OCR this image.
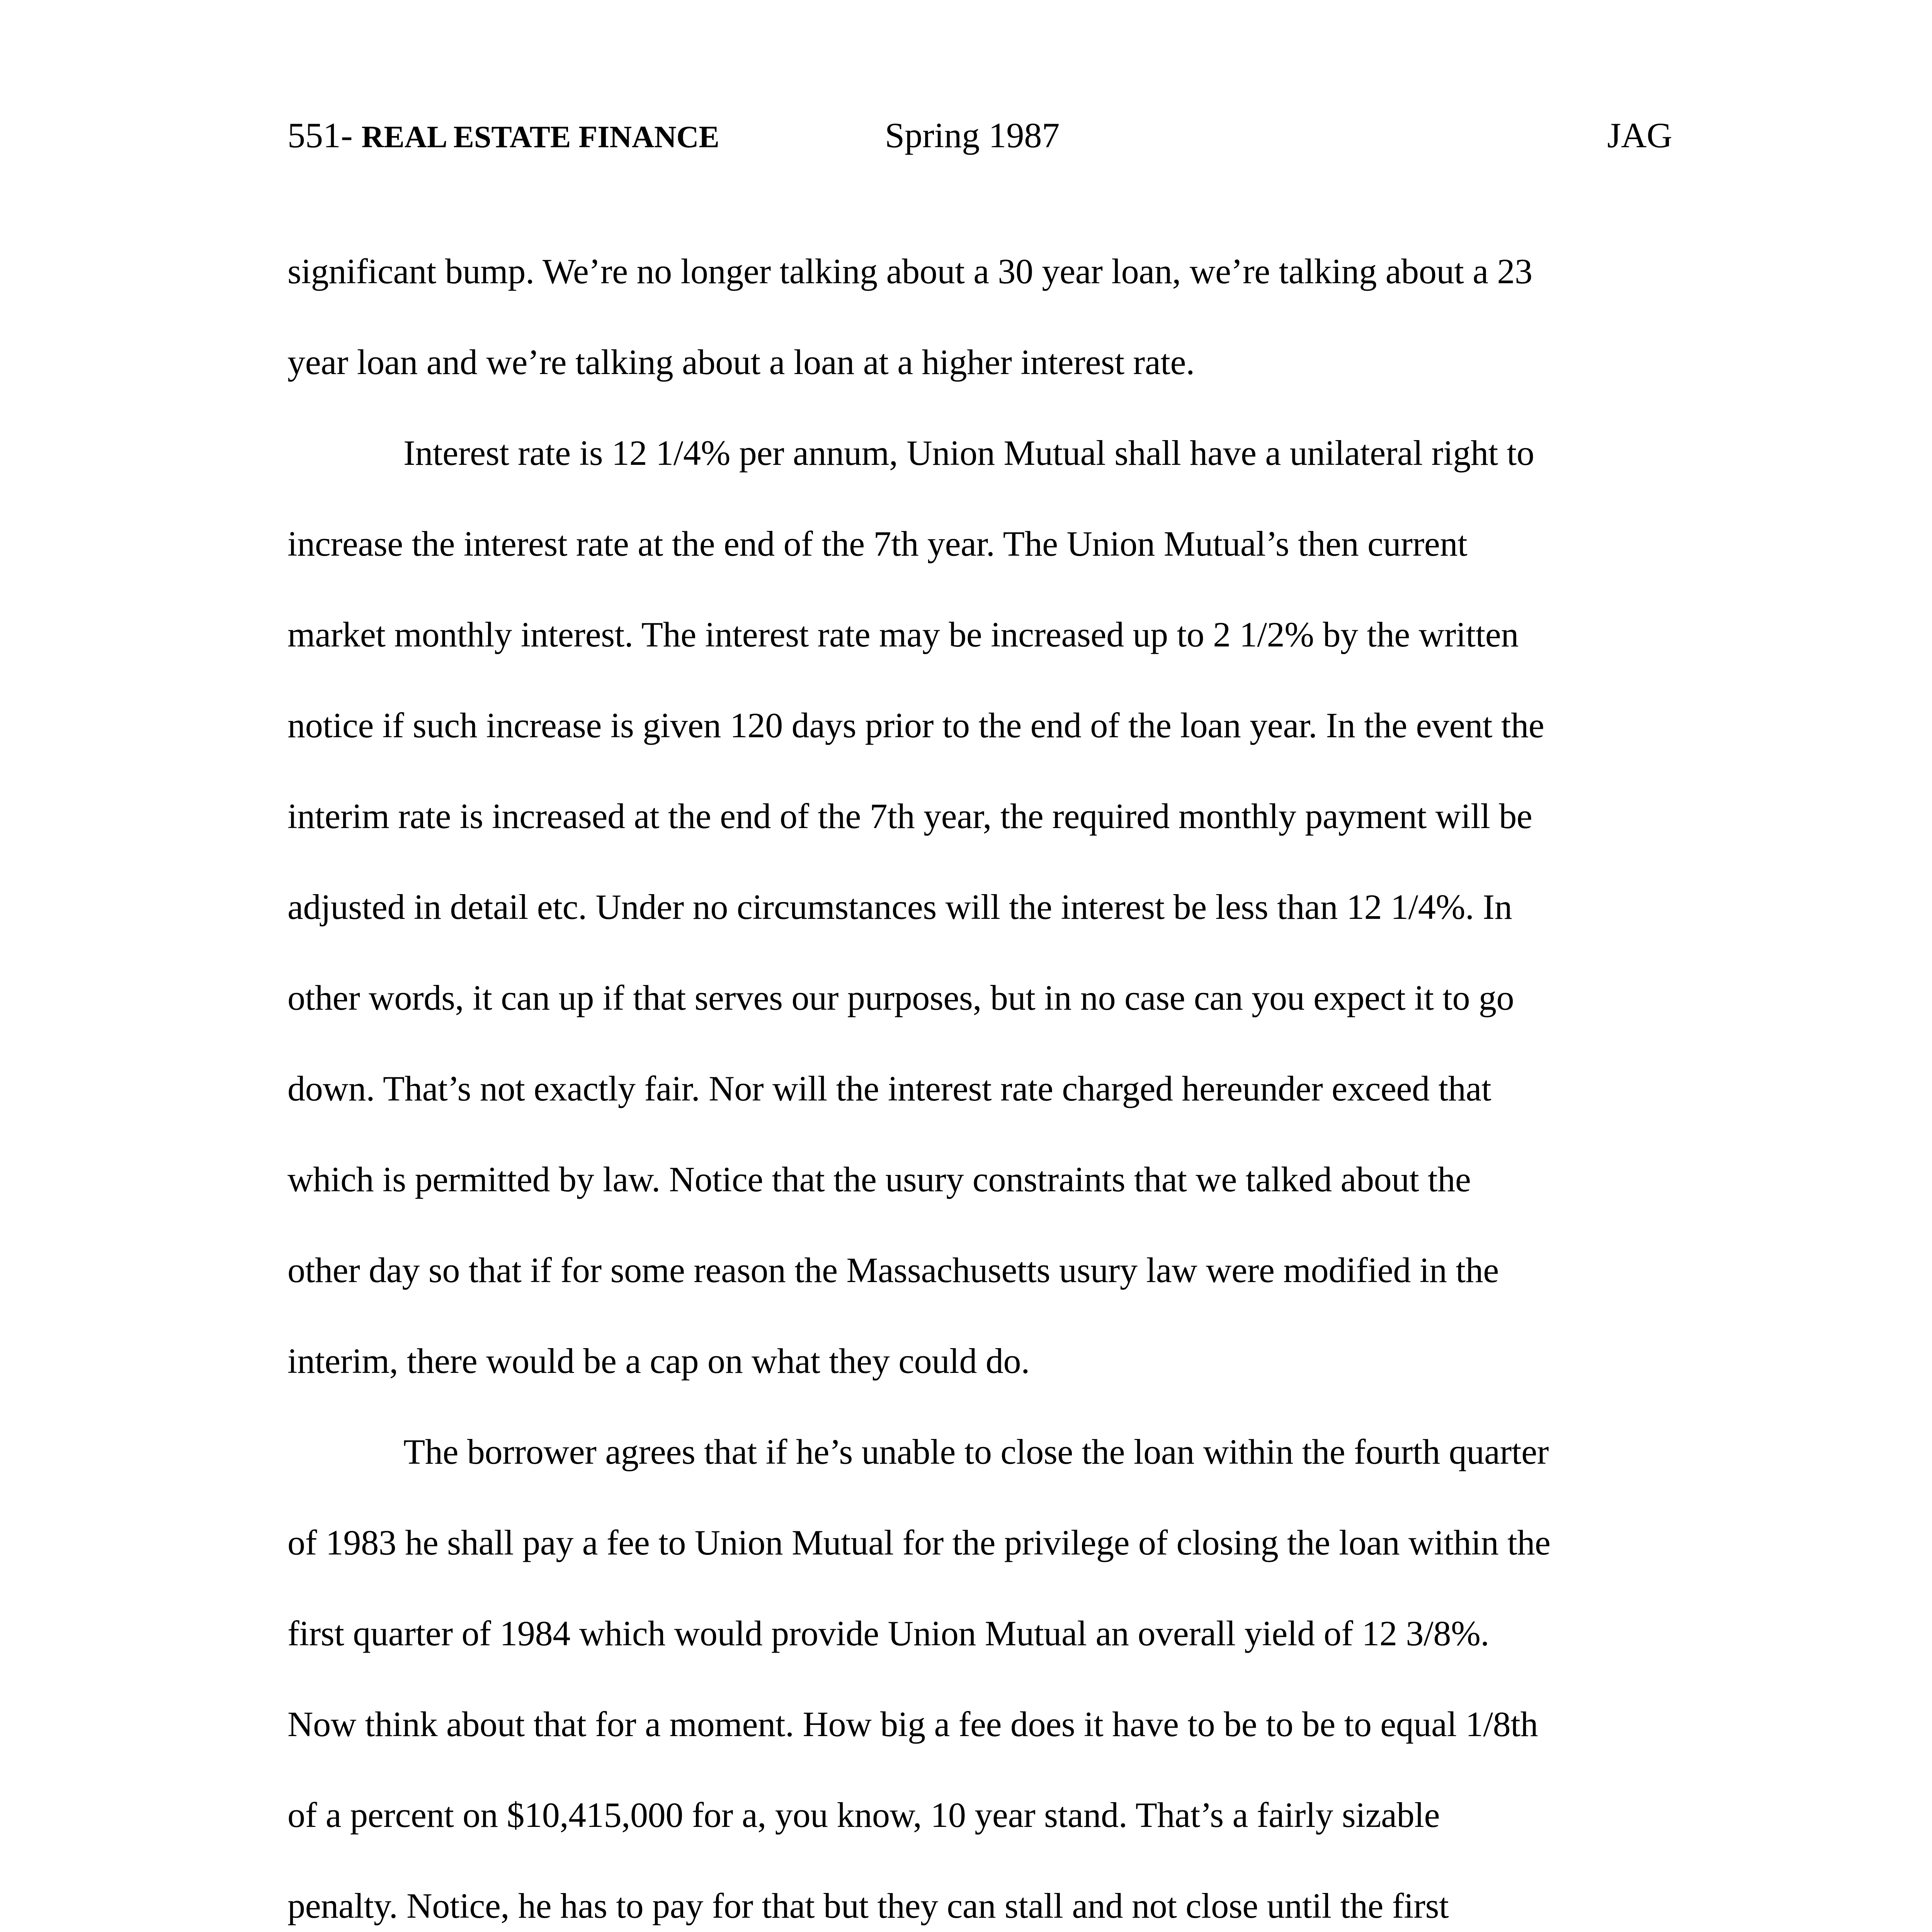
551- REAL ESTATE FINANCE	Spring 1987	JAG
significant bump. We’re no longer talking about a 30 year loan, we’re talking about a 23
year loan and we’re talking about a loan at a higher interest rate.
Interest rate is 12 1/4% per annum, Union Mutual shall have a unilateral right to
increase the interest rate at the end of the 7th year. The Union Mutual’s then current
market monthly interest. The interest rate may be increased up to 2 1/2% by the written
notice if such increase is given 120 days prior to the end of the loan year. In the event the
interim rate is increased at the end of the 7th year, the required monthly payment will be
adjusted in detail etc. Under no circumstances will the interest be less than 12 1/4%. In
other words, it can up if that serves our purposes, but in no case can you expect it to go
down. That’s not exactly fair. Nor will the interest rate charged hereunder exceed that
which is permitted by law. Notice that the usury constraints that we talked about the
other day so that if for some reason the Massachusetts usury law were modified in the
interim, there would be a cap on what they could do.
The borrower agrees that if he’s unable to close the loan within the fourth quarter
of 1983 he shall pay a fee to Union Mutual for the privilege of closing the loan within the
first quarter of 1984 which would provide Union Mutual an overall yield of 12 3/8%.
Now think about that for a moment. How big a fee does it have to be to be to equal 1/8th
of a percent on $10,415,000 for a, you know, 10 year stand. That’s a fairly sizable
penalty. Notice, he has to pay for that but they can stall and not close until the first
